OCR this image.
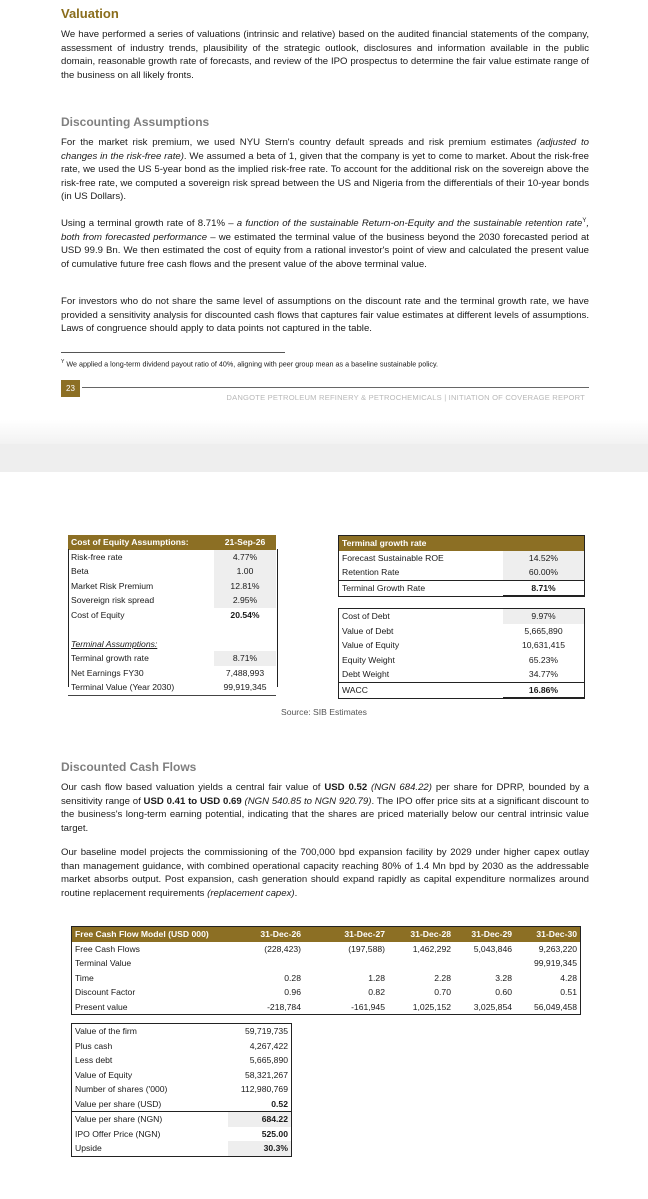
Valuation
We have performed a series of valuations (intrinsic and relative) based on the audited financial statements of the company, assessment of industry trends, plausibility of the strategic outlook, disclosures and information available in the public domain, reasonable growth rate of forecasts, and review of the IPO prospectus to determine the fair value estimate range of the business on all likely fronts.
Discounting Assumptions
For the market risk premium, we used NYU Stern's country default spreads and risk premium estimates (adjusted to changes in the risk-free rate). We assumed a beta of 1, given that the company is yet to come to market. About the risk-free rate, we used the US 5-year bond as the implied risk-free rate. To account for the additional risk on the sovereign above the risk-free rate, we computed a sovereign risk spread between the US and Nigeria from the differentials of their 10-year bonds (in US Dollars).
Using a terminal growth rate of 8.71% – a function of the sustainable Return-on-Equity and the sustainable retention rate$^Y$, both from forecasted performance – we estimated the terminal value of the business beyond the 2030 forecasted period at USD 99.9 Bn. We then estimated the cost of equity from a rational investor's point of view and calculated the present value of cumulative future free cash flows and the present value of the above terminal value.
For investors who do not share the same level of assumptions on the discount rate and the terminal growth rate, we have provided a sensitivity analysis for discounted cash flows that captures fair value estimates at different levels of assumptions. Laws of congruence should apply to data points not captured in the table.
$^Y$ We applied a long-term dividend payout ratio of 40%, aligning with peer group mean as a baseline sustainable policy.
23
DANGOTE PETROLEUM REFINERY & PETROCHEMICALS | INITIATION OF COVERAGE REPORT
Cost of Equity Assumptions:	21-Sep-26
Risk-free rate	4.77%
Beta	1.00
Market Risk Premium	12.81%
Sovereign risk spread	2.95%
Cost of Equity	20.54%

Terminal Assumptions:	
Terminal growth rate	8.71%
Net Earnings FY30	7,488,993
Terminal Value (Year 2030)	99,919,345
Terminal growth rate	
Forecast Sustainable ROE	14.52%
Retention Rate	60.00%
Terminal Growth Rate	8.71%
Cost of Debt	9.97%
Value of Debt	5,665,890
Value of Equity	10,631,415
Equity Weight	65.23%
Debt Weight	34.77%
WACC	16.86%
Source: SIB Estimates
Discounted Cash Flows
Our cash flow based valuation yields a central fair value of USD 0.52 (NGN 684.22) per share for DPRP, bounded by a sensitivity range of USD 0.41 to USD 0.69 (NGN 540.85 to NGN 920.79). The IPO offer price sits at a significant discount to the business's long-term earning potential, indicating that the shares are priced materially below our central intrinsic value target.
Our baseline model projects the commissioning of the 700,000 bpd expansion facility by 2029 under higher capex outlay than management guidance, with combined operational capacity reaching 80% of 1.4 Mn bpd by 2030 as the addressable market absorbs output. Post expansion, cash generation should expand rapidly as capital expenditure normalizes around routine replacement requirements (replacement capex).
Free Cash Flow Model (USD 000)	31-Dec-26	31-Dec-27	31-Dec-28	31-Dec-29	31-Dec-30
Free Cash Flows	(228,423)	(197,588)	1,462,292	5,043,846	9,263,220
Terminal Value					99,919,345
Time	0.28	1.28	2.28	3.28	4.28
Discount Factor	0.96	0.82	0.70	0.60	0.51
Present value	-218,784	-161,945	1,025,152	3,025,854	56,049,458
Value of the firm	59,719,735
Plus cash	4,267,422
Less debt	5,665,890
Value of Equity	58,321,267
Number of shares ('000)	112,980,769
Value per share (USD)	0.52
Value per share (NGN)	684.22
IPO Offer Price (NGN)	525.00
Upside	30.3%
